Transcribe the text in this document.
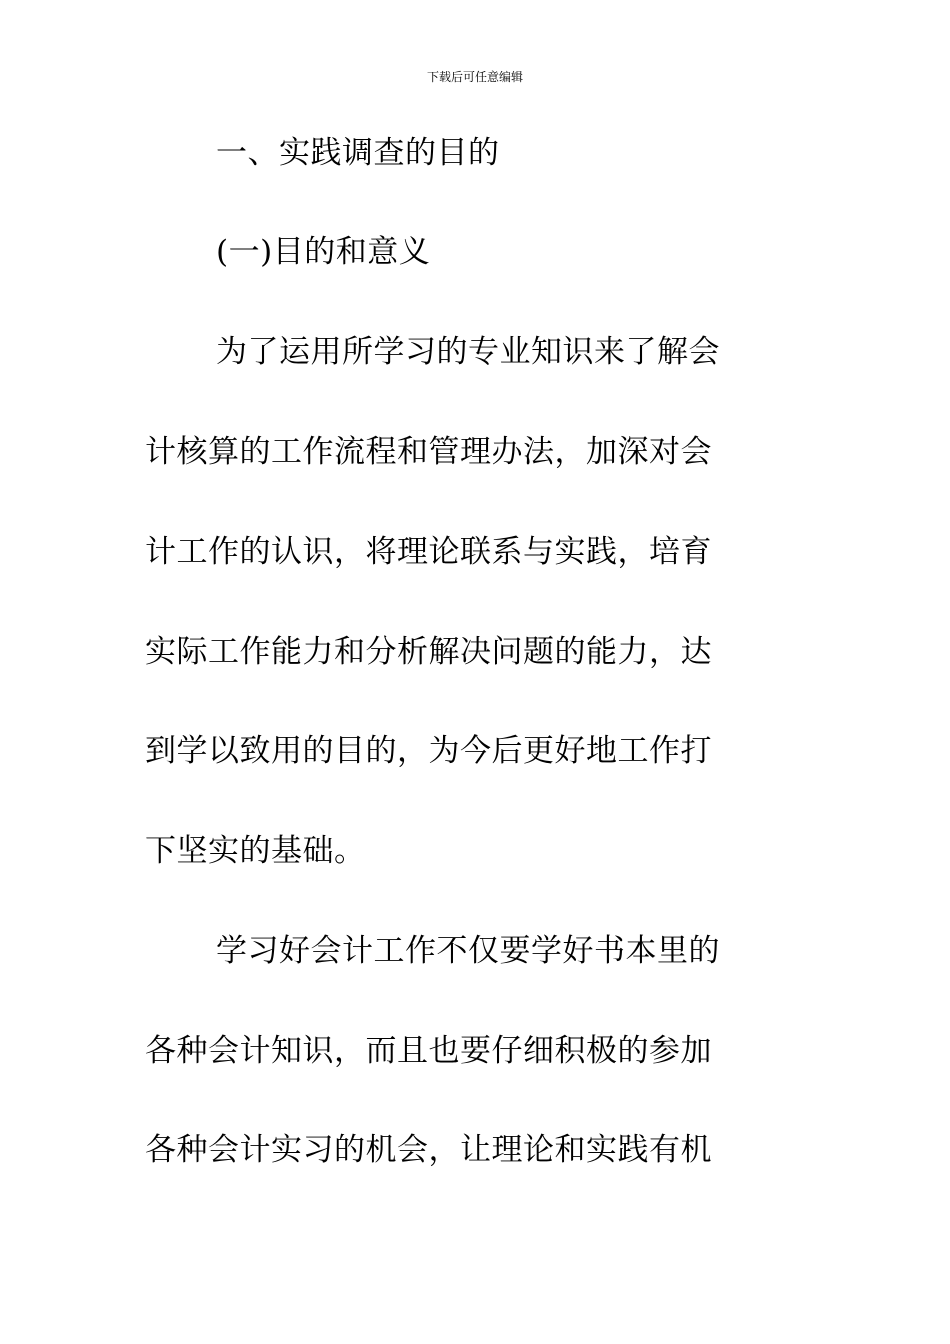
下载后可任意编辑
一、实践调查的目的
(一)目的和意义
为了运用所学习的专业知识来了解会
计核算的工作流程和管理办法，加深对会
计工作的认识，将理论联系与实践，培育
实际工作能力和分析解决问题的能力，达
到学以致用的目的，为今后更好地工作打
下坚实的基础。
学习好会计工作不仅要学好书本里的
各种会计知识，而且也要仔细积极的参加
各种会计实习的机会，让理论和实践有机
